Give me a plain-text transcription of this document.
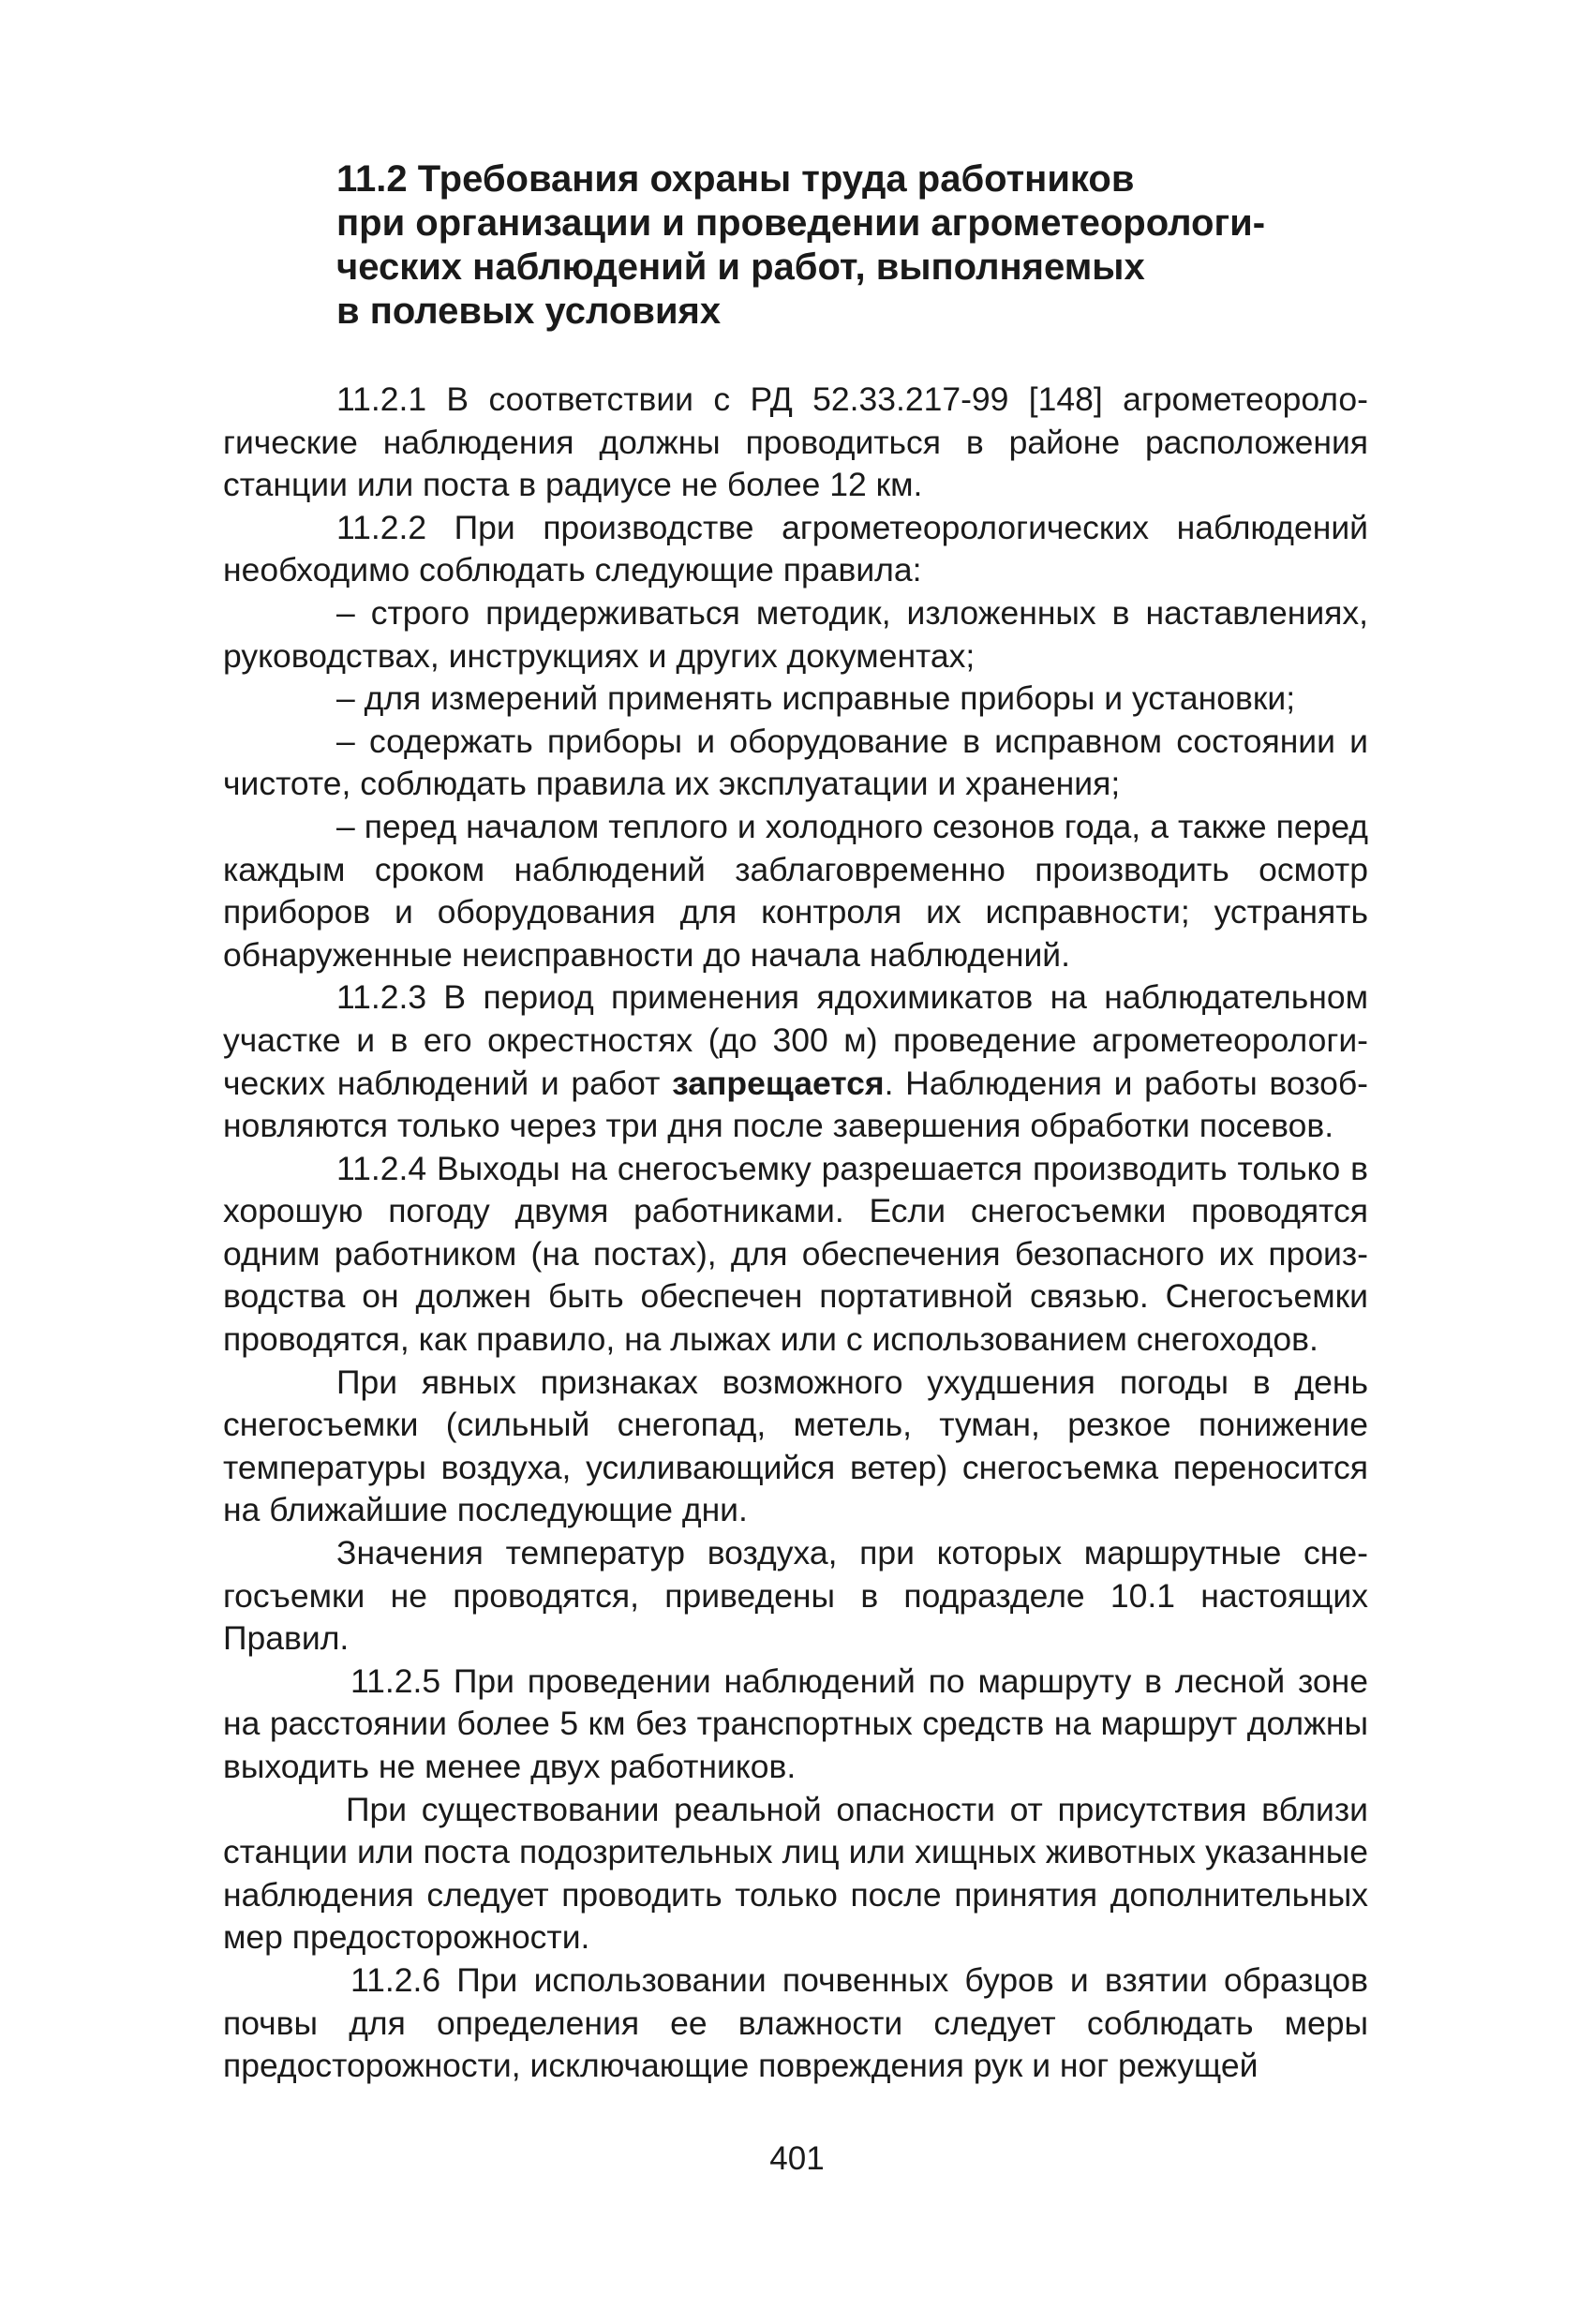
11.2 Требования охраны труда работников
при организации и проведении агрометеорологи-
ческих наблюдений и работ, выполняемых
в полевых условиях

11.2.1 В соответствии с РД 52.33.217-99 [148] агрометеорологические наблюдения должны проводиться в районе расположения станции или поста в радиусе не более 12 км.

11.2.2 При производстве агрометеорологических наблюдений необходимо соблюдать следующие правила:

– строго придерживаться методик, изложенных в наставлениях, руководствах, инструкциях и других документах;

– для измерений применять исправные приборы и установки;

– содержать приборы и оборудование в исправном состоянии и чистоте, соблюдать правила их эксплуатации и хранения;

– перед началом теплого и холодного сезонов года, а также перед каждым сроком наблюдений заблаговременно производить осмотр приборов и оборудования для контроля их исправности; устранять обнаруженные неисправности до начала наблюдений.

11.2.3 В период применения ядохимикатов на наблюдательном участке и в его окрестностях (до 300 м) проведение агрометеорологических наблюдений и работ запрещается. Наблюдения и работы возобновляются только через три дня после завершения обработки посевов.

11.2.4 Выходы на снегосъемку разрешается производить только в хорошую погоду двумя работниками. Если снегосъемки проводятся одним работником (на постах), для обеспечения безопасного их производства он должен быть обеспечен портативной связью. Снегосъемки проводятся, как правило, на лыжах или с использованием снегоходов.

При явных признаках возможного ухудшения погоды в день снегосъемки (сильный снегопад, метель, туман, резкое понижение температуры воздуха, усиливающийся ветер) снегосъемка переносится на ближайшие последующие дни.

Значения температур воздуха, при которых маршрутные снегосъемки не проводятся, приведены в подразделе 10.1 настоящих Правил.

11.2.5 При проведении наблюдений по маршруту в лесной зоне на расстоянии более 5 км без транспортных средств на маршрут должны выходить не менее двух работников.

При существовании реальной опасности от присутствия вблизи станции или поста подозрительных лиц или хищных животных указанные наблюдения следует проводить только после принятия дополнительных мер предосторожности.

11.2.6 При использовании почвенных буров и взятии образцов почвы для определения ее влажности следует соблюдать меры предосторожности, исключающие повреждения рук и ног режущей

401
